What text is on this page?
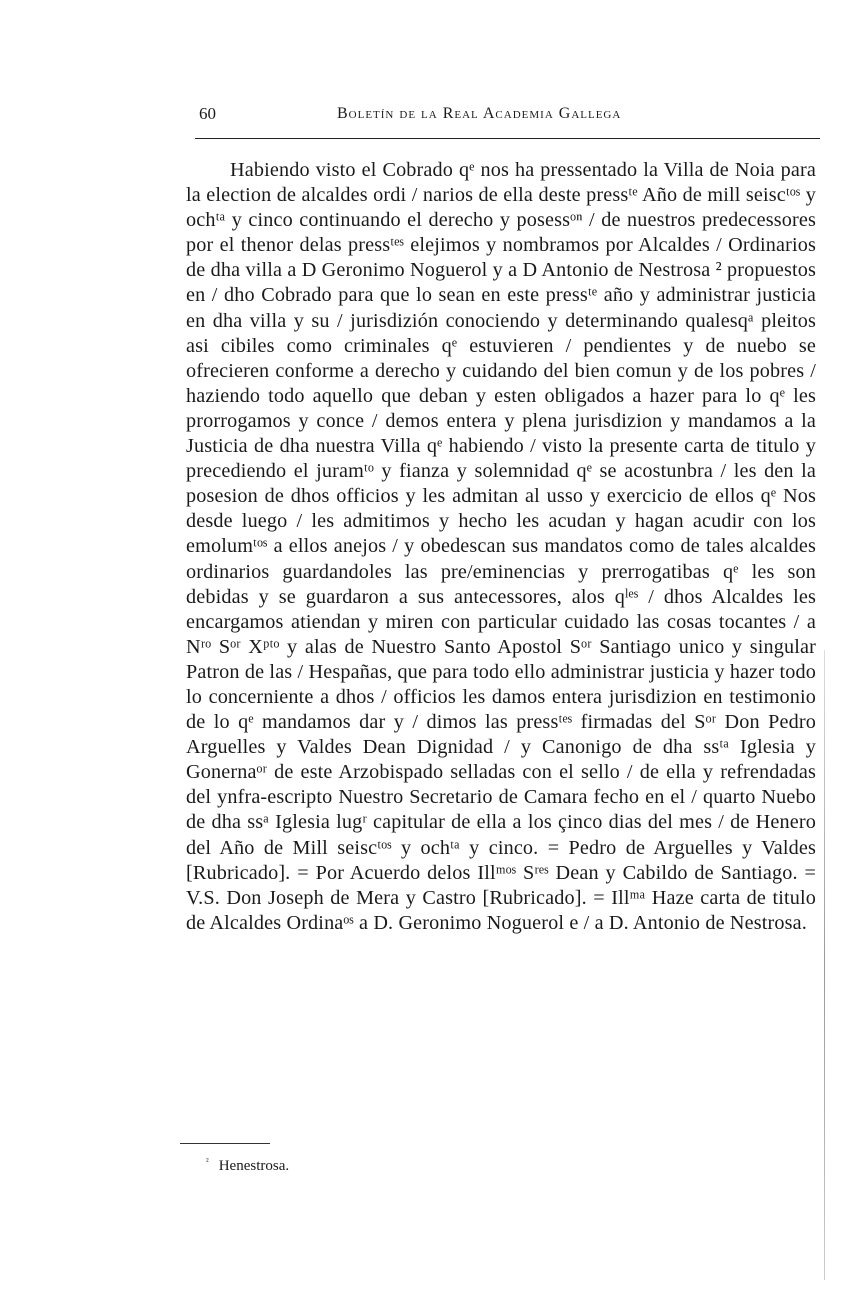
60	Boletín de la Real Academia Gallega

Habiendo visto el Cobrado qᵉ nos ha pressentado la Villa de Noia para la election de alcaldes ordi / narios de ella deste pressᵗᵉ Año de mill seiscᵗᵒˢ y ochᵗᵃ y cinco continuando el derecho y posessᵒⁿ / de nuestros predecessores por el thenor delas pressᵗᵉˢ elejimos y nombramos por Alcaldes / Ordinarios de dha villa a D Geronimo Noguerol y a D Antonio de Nestrosa ² propuestos en / dho Cobrado para que lo sean en este pressᵗᵉ año y administrar justicia en dha villa y su / jurisdizión conociendo y determinando qualesqᵃ pleitos asi cibiles como criminales qᵉ estuvieren / pendientes y de nuebo se ofrecieren conforme a derecho y cuidando del bien comun y de los pobres / haziendo todo aquello que deban y esten obligados a hazer para lo qᵉ les prorrogamos y conce / demos entera y plena jurisdizion y mandamos a la Justicia de dha nuestra Villa qᵉ habiendo / visto la presente carta de titulo y precediendo el juramᵗᵒ y fianza y solemnidad qᵉ se acostunbra / les den la posesion de dhos officios y les admitan al usso y exercicio de ellos qᵉ Nos desde luego / les admitimos y hecho les acudan y hagan acudir con los emolumᵗᵒˢ a ellos anejos / y obedescan sus mandatos como de tales alcaldes ordinarios guardandoles las pre/eminencias y prerrogatibas qᵉ les son debidas y se guardaron a sus antecessores, alos qˡᵉˢ / dhos Alcaldes les encargamos atiendan y miren con particular cuidado las cosas tocantes / a Nʳᵒ Sᵒʳ Xᵖᵗᵒ y alas de Nuestro Santo Apostol Sᵒʳ Santiago unico y singular Patron de las / Hespañas, que para todo ello administrar justicia y hazer todo lo concerniente a dhos / officios les damos entera jurisdizion en testimonio de lo qᵉ mandamos dar y / dimos las pressᵗᵉˢ firmadas del Sᵒʳ Don Pedro Arguelles y Valdes Dean Dignidad / y Canonigo de dha ssᵗᵃ Iglesia y Gonernaᵒʳ de este Arzobispado selladas con el sello / de ella y refrendadas del ynfra-escripto Nuestro Secretario de Camara fecho en el / quarto Nuebo de dha ssᵃ Iglesia lugʳ capitular de ella a los çinco dias del mes / de Henero del Año de Mill seiscᵗᵒˢ y ochᵗᵃ y cinco. = Pedro de Arguelles y Valdes [Rubricado]. = Por Acuerdo delos Illᵐᵒˢ Sʳᵉˢ Dean y Cabildo de Santiago. = V.S. Don Joseph de Mera y Castro [Rubricado]. = Illᵐᵃ Haze carta de titulo de Alcaldes Ordinaᵒˢ a D. Geronimo Noguerol e / a D. Antonio de Nestrosa.

$^{^2}$ Henestrosa.
